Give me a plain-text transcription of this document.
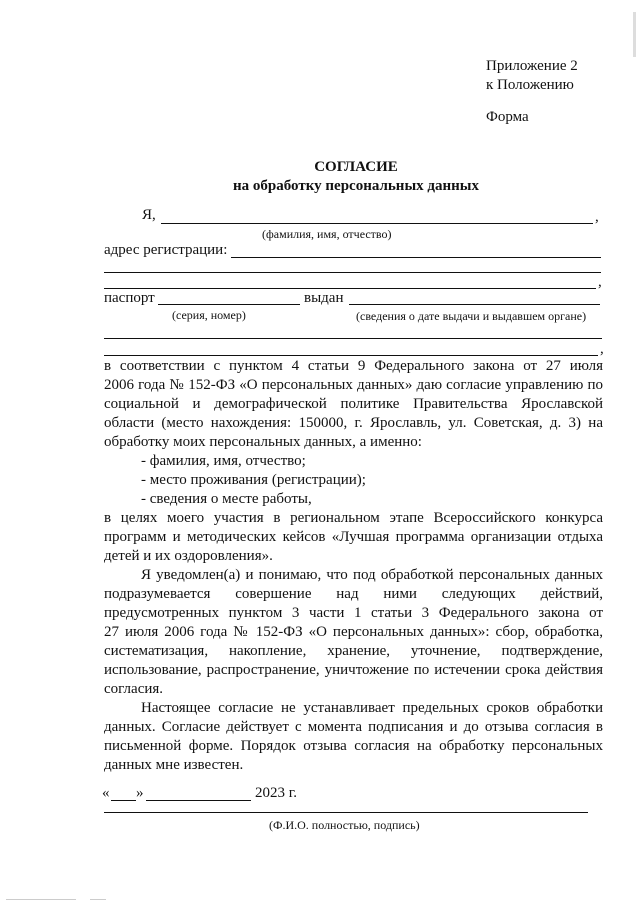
Приложение 2
к Положению
Форма
СОГЛАСИЕ
на обработку персональных данных
Я,	,
(фамилия, имя, отчество)
адрес регистрации:
,
паспорт	выдан
(серия, номер)	(сведения о дате выдачи и выдавшем органе)
,
в соответствии с пунктом 4 статьи 9 Федерального закона от 27 июля
2006 года № 152-ФЗ «О персональных данных» даю согласие управлению по
социальной и демографической политике Правительства Ярославской
области (место нахождения: 150000, г. Ярославль, ул. Советская, д. 3) на
обработку моих персональных данных, а именно:
- фамилия, имя, отчество;
- место проживания (регистрации);
- сведения о месте работы,
в целях моего участия в региональном этапе Всероссийского конкурса
программ и методических кейсов «Лучшая программа организации отдыха
детей и их оздоровления».
Я уведомлен(а) и понимаю, что под обработкой персональных данных
подразумевается совершение над ними следующих действий,
предусмотренных пунктом 3 части 1 статьи 3 Федерального закона от
27 июля 2006 года № 152-ФЗ «О персональных данных»: сбор, обработка,
систематизация, накопление, хранение, уточнение, подтверждение,
использование, распространение, уничтожение по истечении срока действия
согласия.
Настоящее согласие не устанавливает предельных сроков обработки
данных. Согласие действует с момента подписания и до отзыва согласия в
письменной форме. Порядок отзыва согласия на обработку персональных
данных мне известен.
« »	2023 г.
(Ф.И.О. полностью, подпись)
